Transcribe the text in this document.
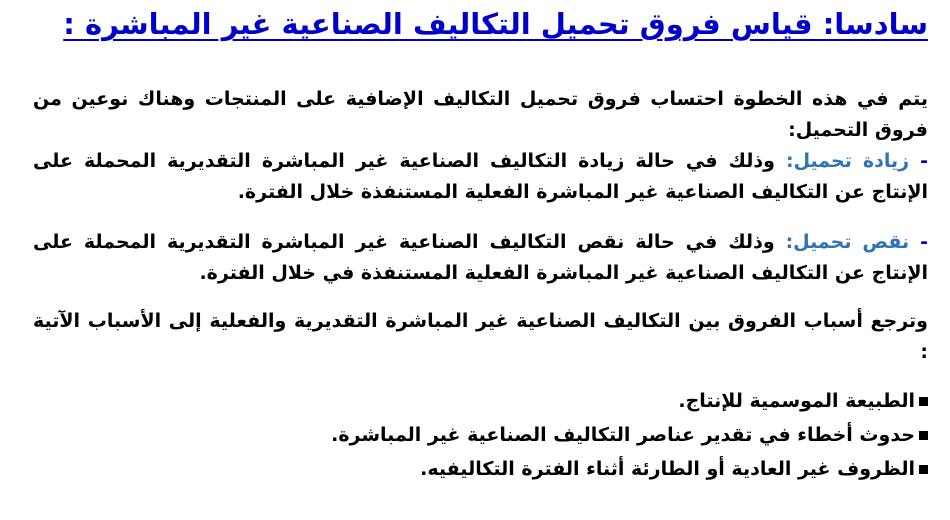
سادسا: قياس فروق تحميل التكاليف الصناعية غير المباشرة :
يتم في هذه الخطوة احتساب فروق تحميل التكاليف الإضافية على المنتجات وهناك نوعين من فروق التحميل:
- زيادة تحميل: وذلك في حالة زيادة التكاليف الصناعية غير المباشرة التقديرية المحملة على الإنتاج عن التكاليف الصناعية غير المباشرة الفعلية المستنفذة خلال الفترة.
- نقص تحميل: وذلك في حالة نقص التكاليف الصناعية غير المباشرة التقديرية المحملة على الإنتاج عن التكاليف الصناعية غير المباشرة الفعلية المستنفذة في خلال الفترة.
وترجع أسباب الفروق بين التكاليف الصناعية غير المباشرة التقديرية والفعلية إلى الأسباب الآتية :
الطبيعة الموسمية للإنتاج.
حدوث أخطاء في تقدير عناصر التكاليف الصناعية غير المباشرة.
الظروف غير العادية أو الطارئة أثناء الفترة التكاليفيه.
